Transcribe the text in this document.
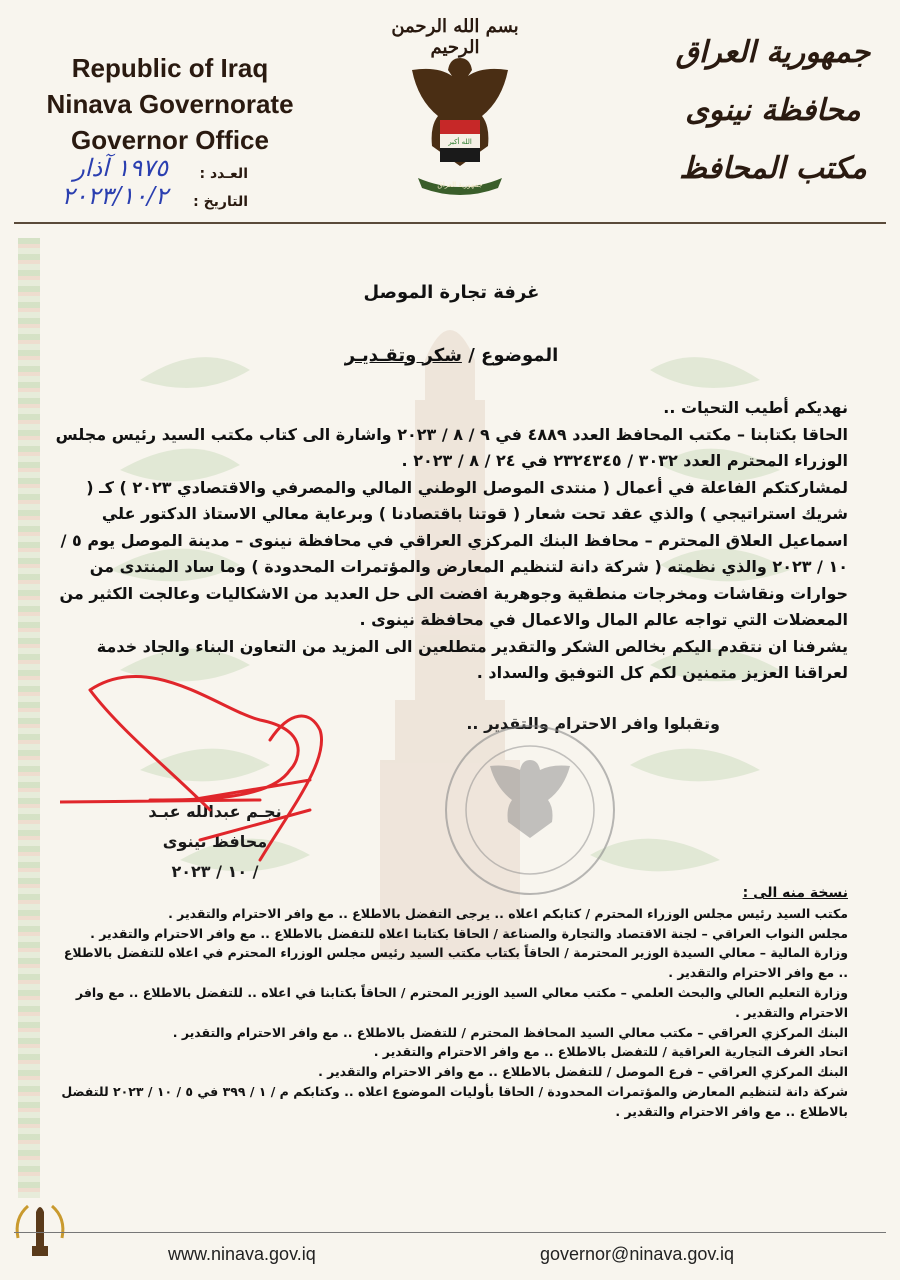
Republic of Iraq
Ninava Governorate
Governor Office
بسم الله الرحمن الرحيم
الله أكبر
جمهورية العراق
جمهورية العراق
محافظة نينوى
مكتب المحافظ
العـدد :
١٩٧٥ آذار
التاريخ :
٢٠٢٣/١٠/٢
غرفة تجارة الموصل
الموضوع / شكر وتقـديـر

نهديكم أطيب التحيات ..

الحاقا بكتابنا – مكتب المحافظ العدد ٤٨٨٩ في ٩ / ٨ / ٢٠٢٣ واشارة الى كتاب مكتب السيد رئيس مجلس الوزراء المحترم العدد ٣٠٣٢ / ٢٣٢٤٣٤٥ في ٢٤ / ٨ / ٢٠٢٣ .

لمشاركتكم الفاعلة في أعمال ( منتدى الموصل الوطني المالي والمصرفي والاقتصادي ٢٠٢٣ ) كـ ( شريك استراتيجي ) والذي عقد تحت شعار ( قوتنا باقتصادنا ) وبرعاية معالي الاستاذ الدكتور علي اسماعيل العلاق المحترم – محافظ البنك المركزي العراقي في محافظة نينوى – مدينة الموصل يوم ٥ / ١٠ / ٢٠٢٣ والذي نظمته ( شركة دانة لتنظيم المعارض والمؤتمرات المحدودة ) وما ساد المنتدى من حوارات ونقاشات ومخرجات منطقية وجوهرية افضت الى حل العديد من الاشكاليات وعالجت الكثير من المعضلات التي تواجه عالم المال والاعمال في محافظة نينوى .

يشرفنا ان نتقدم اليكم بخالص الشكر والتقدير متطلعين الى المزيد من التعاون البناء والجاد خدمة لعراقنا العزيز متمنين لكم كل التوفيق والسداد .

وتقبلوا وافر الاحترام والتقدير ..
نجـم عبدالله عبـد
محافظ نينوى
/ ١٠ / ٢٠٢٣
نسخة منه الى :

مكتب السيد رئيس مجلس الوزراء المحترم / كتابكم اعلاه .. يرجى التفضل بالاطلاع .. مع وافر الاحترام والتقدير .

مجلس النواب العراقي – لجنة الاقتصاد والتجارة والصناعة / الحاقا بكتابنا اعلاه للتفضل بالاطلاع .. مع وافر الاحترام والتقدير .

وزارة المالية – معالي السيدة الوزير المحترمة / الحاقاً بكتاب مكتب السيد رئيس مجلس الوزراء المحترم في اعلاه للتفضل بالاطلاع .. مع وافر الاحترام والتقدير .

وزارة التعليم العالي والبحث العلمي – مكتب معالي السيد الوزير المحترم / الحاقاً بكتابنا في اعلاه .. للتفضل بالاطلاع .. مع وافر الاحترام والتقدير .

البنك المركزي العراقي – مكتب معالي السيد المحافظ المحترم / للتفضل بالاطلاع .. مع وافر الاحترام والتقدير .

اتحاد الغرف التجارية العراقية / للتفضل بالاطلاع .. مع وافر الاحترام والتقدير .

البنك المركزي العراقي – فرع الموصل / للتفضل بالاطلاع .. مع وافر الاحترام والتقدير .

شركة دانة لتنظيم المعارض والمؤتمرات المحدودة / الحاقا بأوليات الموضوع اعلاه .. وكتابكم م / ١ / ٣٩٩ في ٥ / ١٠ / ٢٠٢٣ للتفضل بالاطلاع .. مع وافر الاحترام والتقدير .

www.ninava.gov.iq	governor@ninava.gov.iq
